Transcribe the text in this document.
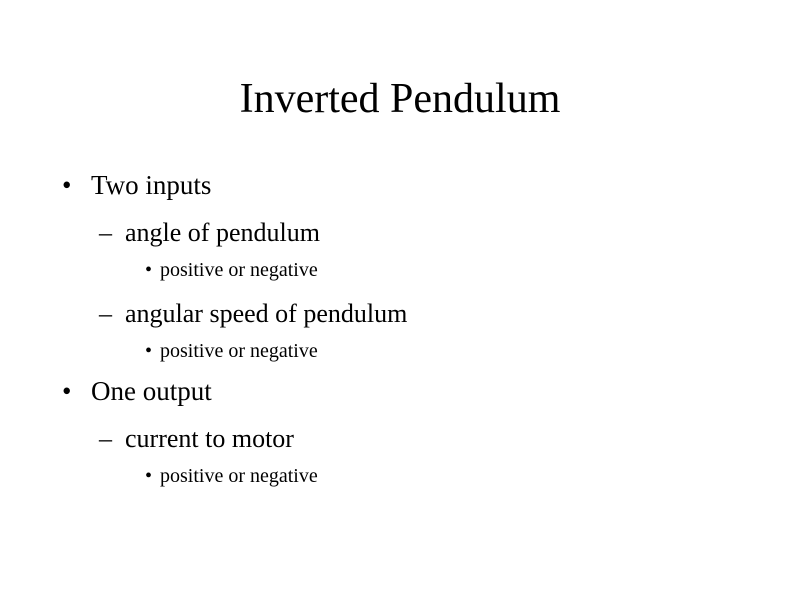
Inverted Pendulum
• Two inputs
– angle of pendulum
• positive or negative
– angular speed of pendulum
• positive or negative
• One output
– current to motor
• positive or negative
